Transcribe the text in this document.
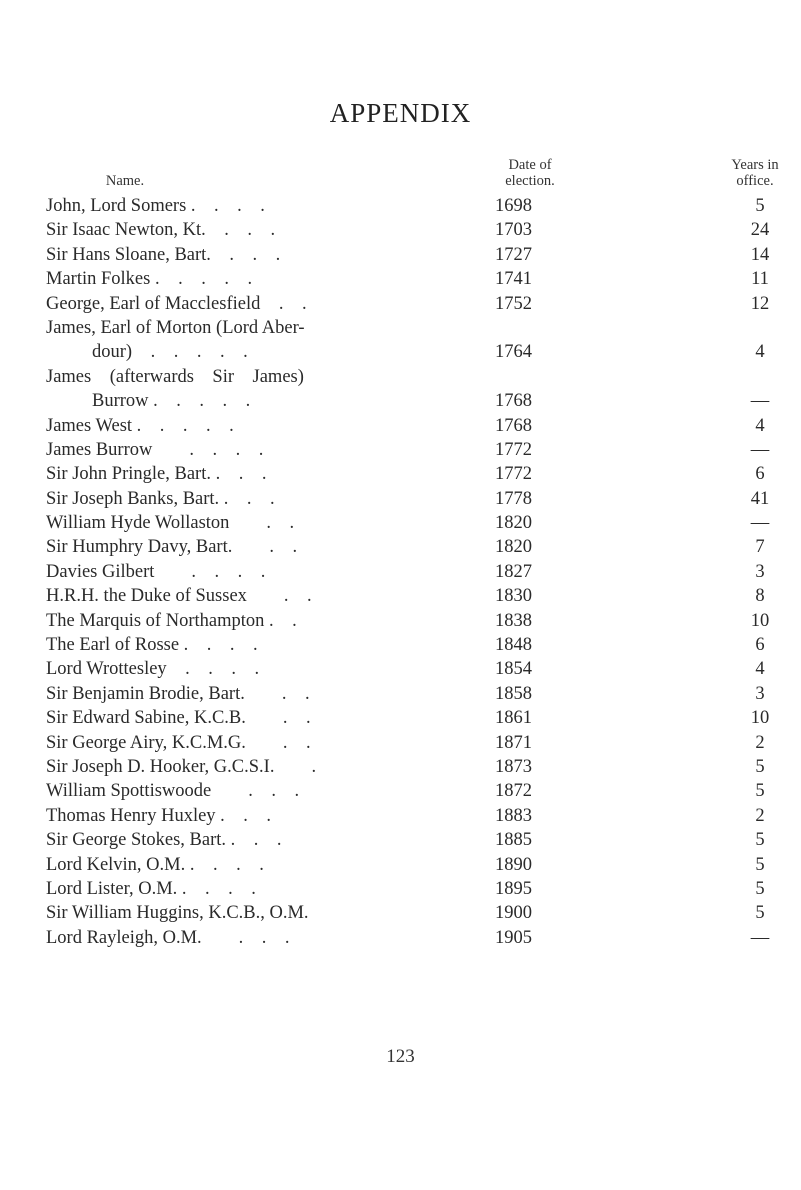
APPENDIX
Name.
Date of
election.
Years in
office.
John, Lord Somers . . . .	1698	5
Sir Isaac Newton, Kt. . . .	1703	24
Sir Hans Sloane, Bart. . . .	1727	14
Martin Folkes . . . . .	1741	11
George, Earl of Macclesfield . .	1752	12
James, Earl of Morton (Lord Aber-
dour) . . . . .	1764	4
James (afterwards Sir James)
Burrow . . . . .	1768	—
James West . . . . .	1768	4
James Burrow  . . . .	1772	—
Sir John Pringle, Bart. . . .	1772	6
Sir Joseph Banks, Bart. . . .	1778	41
William Hyde Wollaston  . .	1820	—
Sir Humphry Davy, Bart.  . .	1820	7
Davies Gilbert  . . . .	1827	3
H.R.H. the Duke of Sussex  . .	1830	8
The Marquis of Northampton . .	1838	10
The Earl of Rosse . . . .	1848	6
Lord Wrottesley . . . .	1854	4
Sir Benjamin Brodie, Bart.  . .	1858	3
Sir Edward Sabine, K.C.B.  . .	1861	10
Sir George Airy, K.C.M.G.  . .	1871	2
Sir Joseph D. Hooker, G.C.S.I.  .	1873	5
William Spottiswoode  . . .	1872	5
Thomas Henry Huxley . . .	1883	2
Sir George Stokes, Bart. . . .	1885	5
Lord Kelvin, O.M. . . . .	1890	5
Lord Lister, O.M. . . . .	1895	5
Sir William Huggins, K.C.B., O.M.	1900	5
Lord Rayleigh, O.M.  . . .	1905	—
123
